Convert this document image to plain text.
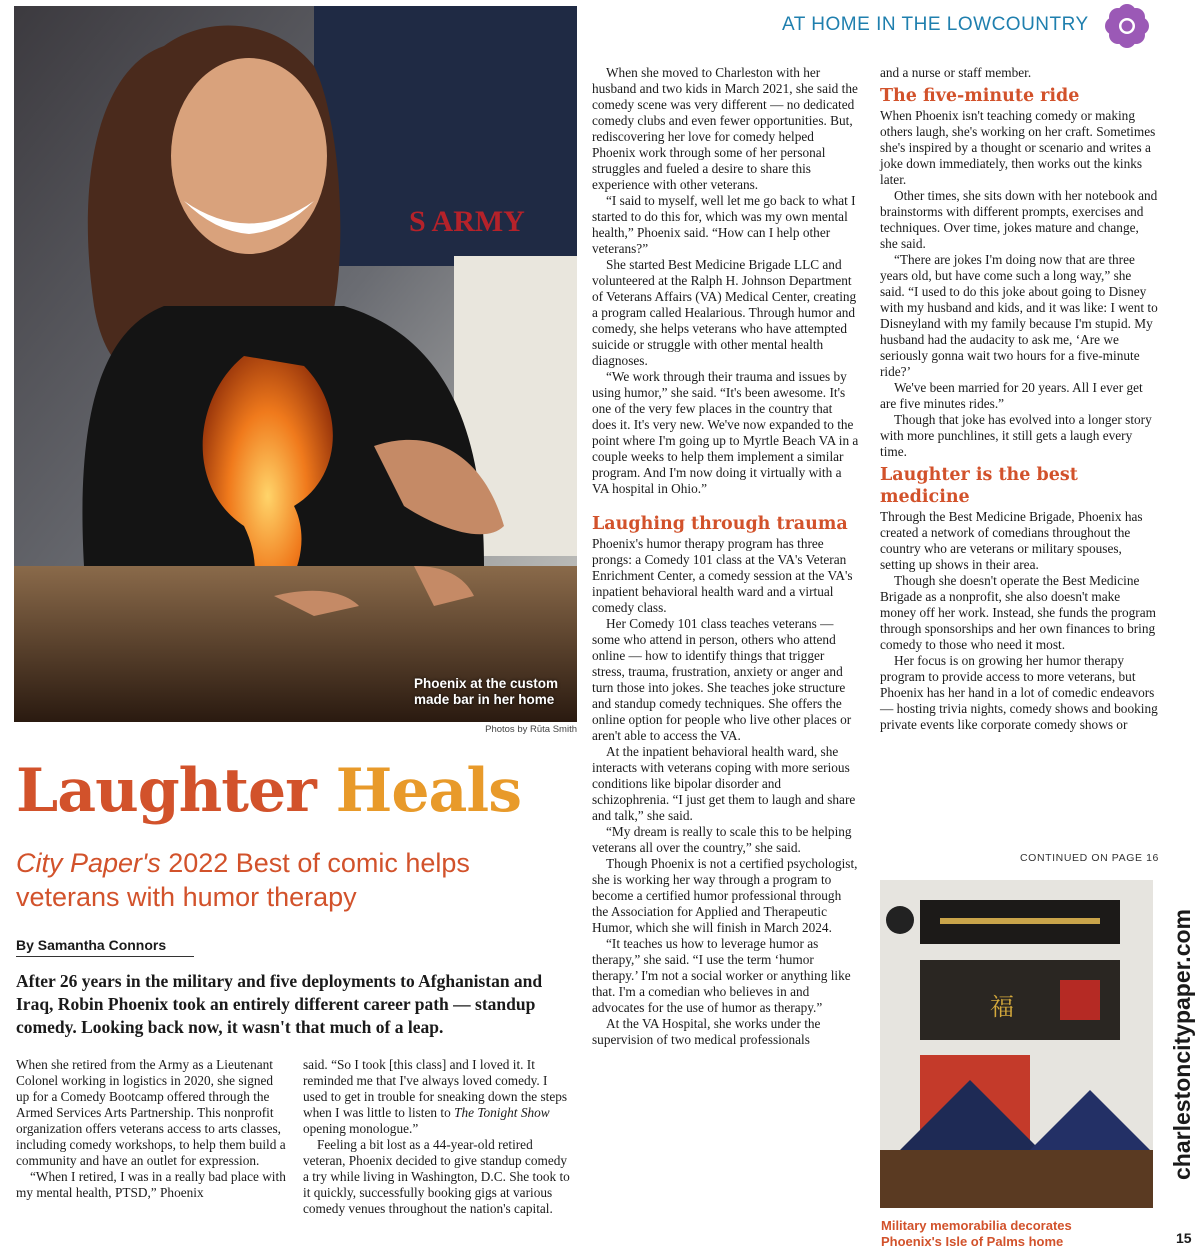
S ARMY
Phoenix at the custom made bar in her home
Photos by Rūta Smith
AT HOME IN THE LOWCOUNTRY
Laughter Heals
City Paper's 2022 Best of comic helps veterans with humor therapy
By Samantha Connors
After 26 years in the military and five deployments to Afghanistan and Iraq, Robin Phoenix took an entirely different career path — standup comedy. Looking back now, it wasn't that much of a leap.

When she retired from the Army as a Lieutenant Colonel working in logistics in 2020, she signed up for a Comedy Bootcamp offered through the Armed Services Arts Partnership. This nonprofit organization offers veterans access to arts classes, including comedy workshops, to help them build a community and have an outlet for expression.

“When I retired, I was in a really bad place with my mental health, PTSD,” Phoenix

said. “So I took [this class] and I loved it. It reminded me that I've always loved comedy. I used to get in trouble for sneaking down the steps when I was little to listen to The Tonight Show opening monologue.”

Feeling a bit lost as a 44-year-old retired veteran, Phoenix decided to give standup comedy a try while living in Washington, D.C. She took to it quickly, successfully booking gigs at various comedy venues throughout the nation's capital.

When she moved to Charleston with her husband and two kids in March 2021, she said the comedy scene was very different — no dedicated comedy clubs and even fewer opportunities. But, rediscovering her love for comedy helped Phoenix work through some of her personal struggles and fueled a desire to share this experience with other veterans.

“I said to myself, well let me go back to what I started to do this for, which was my own mental health,” Phoenix said. “How can I help other veterans?”

She started Best Medicine Brigade LLC and volunteered at the Ralph H. Johnson Department of Veterans Affairs (VA) Medical Center, creating a program called Healarious. Through humor and comedy, she helps veterans who have attempted suicide or struggle with other mental health diagnoses.

“We work through their trauma and issues by using humor,” she said. “It's been awesome. It's one of the very few places in the country that does it. It's very new. We've now expanded to the point where I'm going up to Myrtle Beach VA in a couple weeks to help them implement a similar program. And I'm now doing it virtually with a VA hospital in Ohio.”

Laughing through trauma

Phoenix's humor therapy program has three prongs: a Comedy 101 class at the VA's Veteran Enrichment Center, a comedy session at the VA's inpatient behavioral health ward and a virtual comedy class.

Her Comedy 101 class teaches veterans — some who attend in person, others who attend online — how to identify things that trigger stress, trauma, frustration, anxiety or anger and turn those into jokes. She teaches joke structure and standup comedy techniques. She offers the online option for people who live other places or aren't able to access the VA.

At the inpatient behavioral health ward, she interacts with veterans coping with more serious conditions like bipolar disorder and schizophrenia. “I just get them to laugh and share and talk,” she said.

“My dream is really to scale this to be helping veterans all over the country,” she said.

Though Phoenix is not a certified psychologist, she is working her way through a program to become a certified humor professional through the Association for Applied and Therapeutic Humor, which she will finish in March 2024.

“It teaches us how to leverage humor as therapy,” she said. “I use the term ‘humor therapy.’ I'm not a social worker or anything like that. I'm a comedian who believes in and advocates for the use of humor as therapy.”

At the VA Hospital, she works under the supervision of two medical professionals

and a nurse or staff member.

The five-minute ride

When Phoenix isn't teaching comedy or making others laugh, she's working on her craft. Sometimes she's inspired by a thought or scenario and writes a joke down immediately, then works out the kinks later.

Other times, she sits down with her notebook and brainstorms with different prompts, exercises and techniques. Over time, jokes mature and change, she said.

“There are jokes I'm doing now that are three years old, but have come such a long way,” she said. “I used to do this joke about going to Disney with my husband and kids, and it was like: I went to Disneyland with my family because I'm stupid. My husband had the audacity to ask me, ‘Are we seriously gonna wait two hours for a five-minute ride?’

We've been married for 20 years. All I ever get are five minutes rides.”

Though that joke has evolved into a longer story with more punchlines, it still gets a laugh every time.

Laughter is the best medicine

Through the Best Medicine Brigade, Phoenix has created a network of comedians throughout the country who are veterans or military spouses, setting up shows in their area.

Though she doesn't operate the Best Medicine Brigade as a nonprofit, she also doesn't make money off her work. Instead, she funds the program through sponsorships and her own finances to bring comedy to those who need it most.

Her focus is on growing her humor therapy program to provide access to more veterans, but Phoenix has her hand in a lot of comedic endeavors — hosting trivia nights, comedy shows and booking private events like corporate comedy shows or

CONTINUED ON PAGE 16
福
Military memorabilia decorates Phoenix's Isle of Palms home
charlestoncitypaper.com
15
